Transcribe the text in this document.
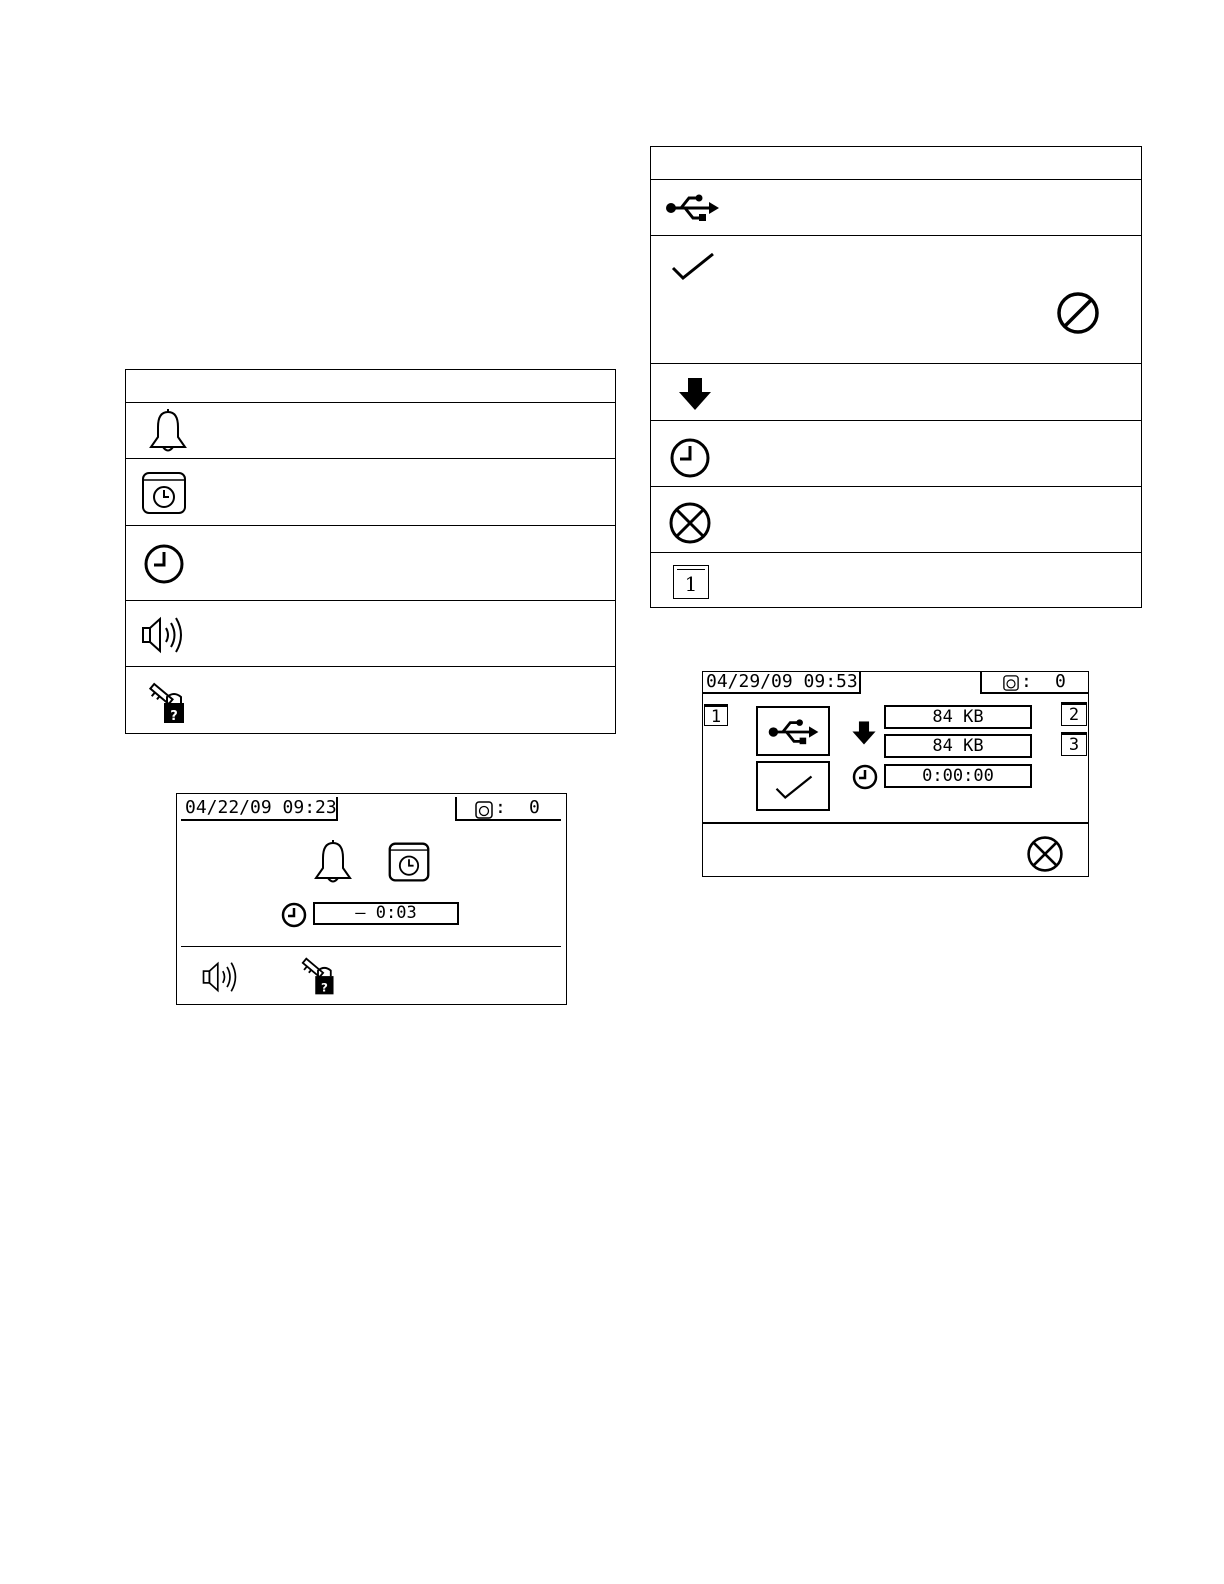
?
04/22/09 09:23	: 0
– 0:03
?
1
04/29/09 09:53	: 0
1	2
3
84 KB
84 KB
0:00:00
